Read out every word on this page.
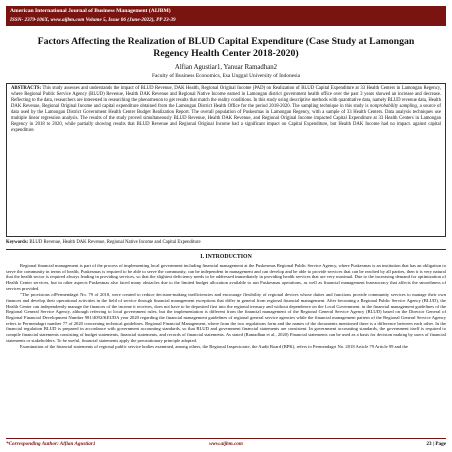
American International Journal of Business Management (AIJBM)
ISSN- 2379-106X, www.aijbm.com Volume 5, Issue 06 (June-2022), PP 23-39
Factors Affecting the Realization of BLUD Capital Expenditure (Case Study at Lamongan Regency Health Center 2018-2020)
Alfian Agustiar1, Yanuar Ramadhan2
Faculty of Business Economics, Esa Unggul University of Indonesia

ABSTRACTS: This study assesses and understands the impact of BLUD Revenue, DAK Health, Regional Original Income (PAD) on Realization of BLUD Capital Expenditure at 33 Health Centers in Lamongan Regency, where Regional Public Service Agency (BLUD) Revenue, Health DAK Revenue and Regional Native Income earned in Lamongan district government health office over the past 3 years showed an increase and decrease. Reflecting to the data, researchers are interested in researching the phenomenon to get results that match the reality conditions. In this study using descriptive methods with quantitative data, namely BLUD revenue data, Health DAK Revenue, Regional Original Income and capital expenditure obtained from the Lamongan District Health Office for the period 2018-2020. The sampling technique in this study is nonprobability sampling, a source of data used by the Lamongan District Government Health Center Budget Realization Report. The overall population of Puskesmas in Lamongan Regency, with a sample of 33 Health Centers. Data analysis techniques use multiple linear regression analysis. The results of the study proved simultaneously BLUD Revenue, Health DAK Revenue, and Regional Original Income impacted Capital Expenditure at 33 Health Centers in Lamongan Regency in 2018 to 2020, while partially showing results that BLUD Revenue and Regional Original Income had a significant impact on Capital Expenditure, but Health DAK Income had no impact. against capital expenditure.

Keywords: BLUD Revenue, Health DAK Revenue, Regional Native Income and Capital Expenditure
I. INTRODUCTION

Regional financial management is part of the process of implementing local government including financial management at the Puskesmas Regional Public Service Agency, where Puskesmas is an institution that has an obligation to serve the community in terms of health, Puskesmas is required to be able to serve the community, can be independent in management and can develop and be able to provide services that can be reached by all parties, then it is very natural that the health sector is required always leading in providing services, so that the slightest deficiency needs to be addressed immediately in providing health services that are very maximal. Due to the increasing demand for optimization of Health Center services, but in other aspects Puskesmas also faced many obstacles due to the limited budget allocation available to run Puskesmas operations, as well as financial management bureaucracy that affects the smoothness of services provided.

"The provisions ofPermendagri No. 79 of 2018, were created to reduce decision-making inefficiencies and encourage flexibility of regional devices whose duties and functions provide community services to manage their own finances and develop their operational activities in the field of service through financial management exceptions that differ in general from regional financial management. After becoming a Regional Public Service Agency (BLUD), the Health Center can independently manage the finances of the income it receives, does not have to be deposited first into the regional treasury and without dependence on the Local Government. in the financial management guidelines of the Regional General Service Agency, although referring to local government rules, but the implementation is different from the financial management of the Regional General Service Agency (BLUD) based on the Director General of Regional Financial Development Number 981/4092/KEUDA year 2020 regarding the financial management guidelines of regional general service agencies while the financial management pattern of the Regional General Service Agency refers to Permendagri number 77 of 2020 concerning technical guidelines. Regional Financial Management, where from the two regulations form and the names of the documents mentioned there is a difference between each other. In the financial regulation BLUD is prepared in accordance with government accounting standards, so that BLUD and government financial statements are consistent. In government accounting standards, the government itself is required to compile financial statements consisting of budget statements, financial statements, and records of financial statements. As stated (Ramadhan et al., 2020) Financial statements can be used as a basis for decision making by users of financial statements or stakeholders. To be useful, financial statements apply the precautionary principle adopted.

Examination of the financial statements of regional public service bodies examined, among others, the Regional Inspectorate, the Audit Board (BPK), refers to Permendagri No. 2018 Article 79 Article 99 and the

*Corresponding Author: Alfian Agustiar1	www.aijbm.com	23 | Page
